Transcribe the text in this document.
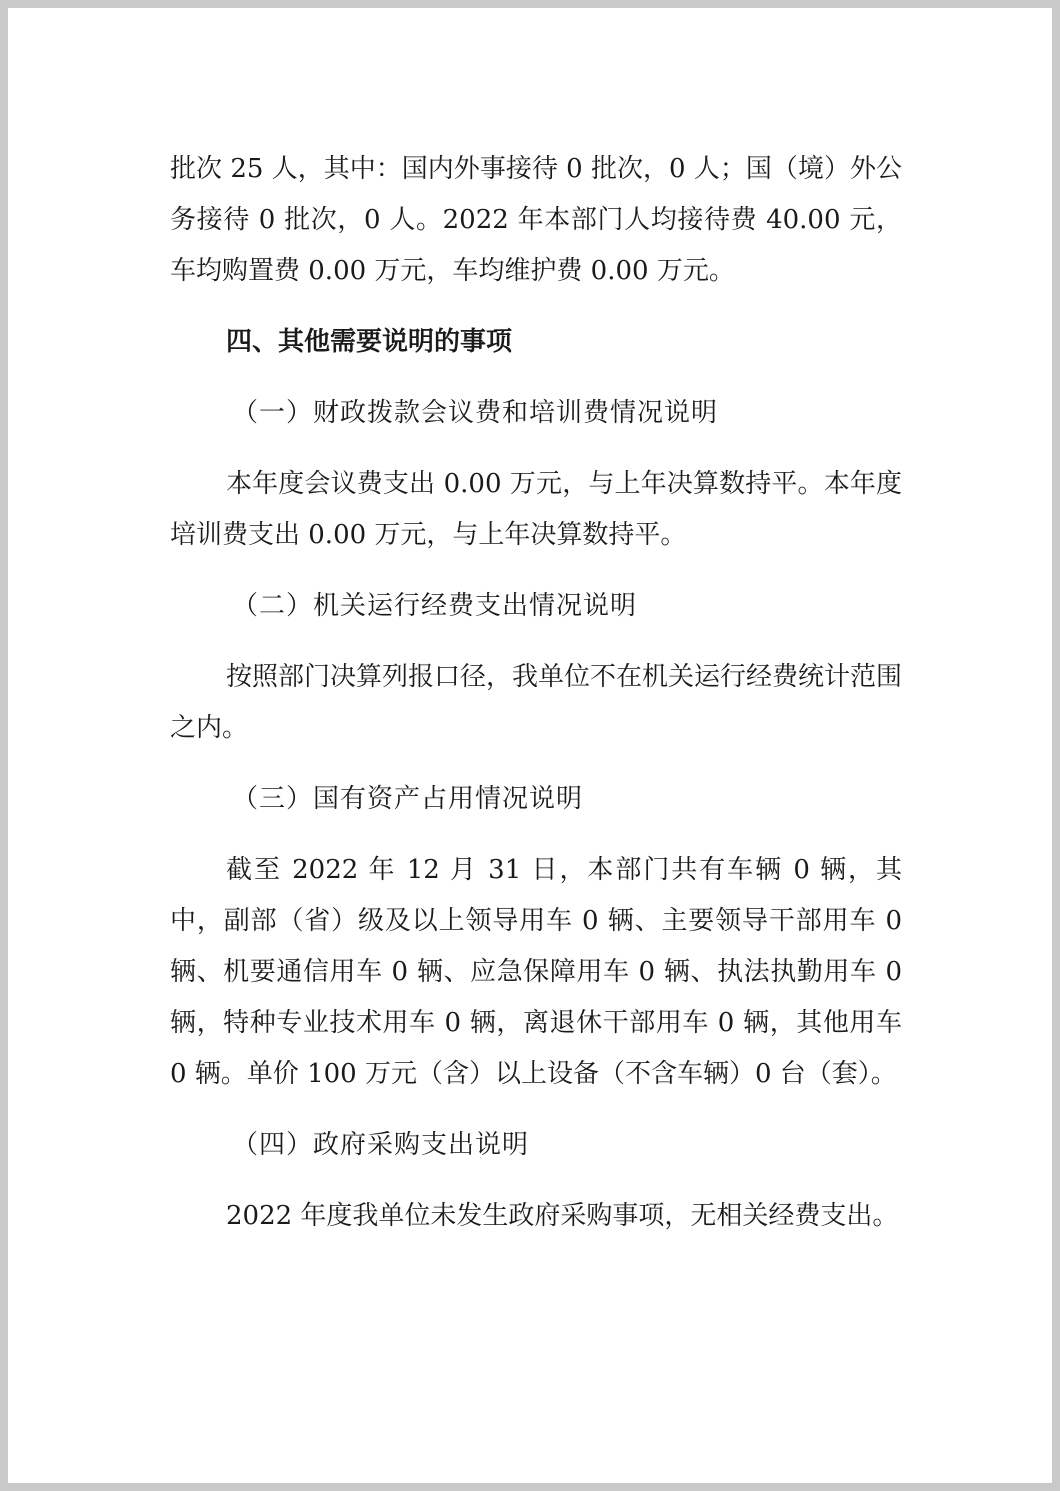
批次 25 人，其中：国内外事接待 0 批次，0 人；国（境）外公务接待 0 批次，0 人。2022 年本部门人均接待费 40.00 元，车均购置费 0.00 万元，车均维护费 0.00 万元。

四、其他需要说明的事项

（一）财政拨款会议费和培训费情况说明

本年度会议费支出 0.00 万元，与上年决算数持平。本年度培训费支出 0.00 万元，与上年决算数持平。

（二）机关运行经费支出情况说明

按照部门决算列报口径，我单位不在机关运行经费统计范围之内。

（三）国有资产占用情况说明

截至 2022 年 12 月 31 日，本部门共有车辆 0 辆，其中，副部（省）级及以上领导用车 0 辆、主要领导干部用车 0 辆、机要通信用车 0 辆、应急保障用车 0 辆、执法执勤用车 0 辆，特种专业技术用车 0 辆，离退休干部用车 0 辆，其他用车 0 辆。单价 100 万元（含）以上设备（不含车辆）0 台（套）。

（四）政府采购支出说明

2022 年度我单位未发生政府采购事项，无相关经费支出。
